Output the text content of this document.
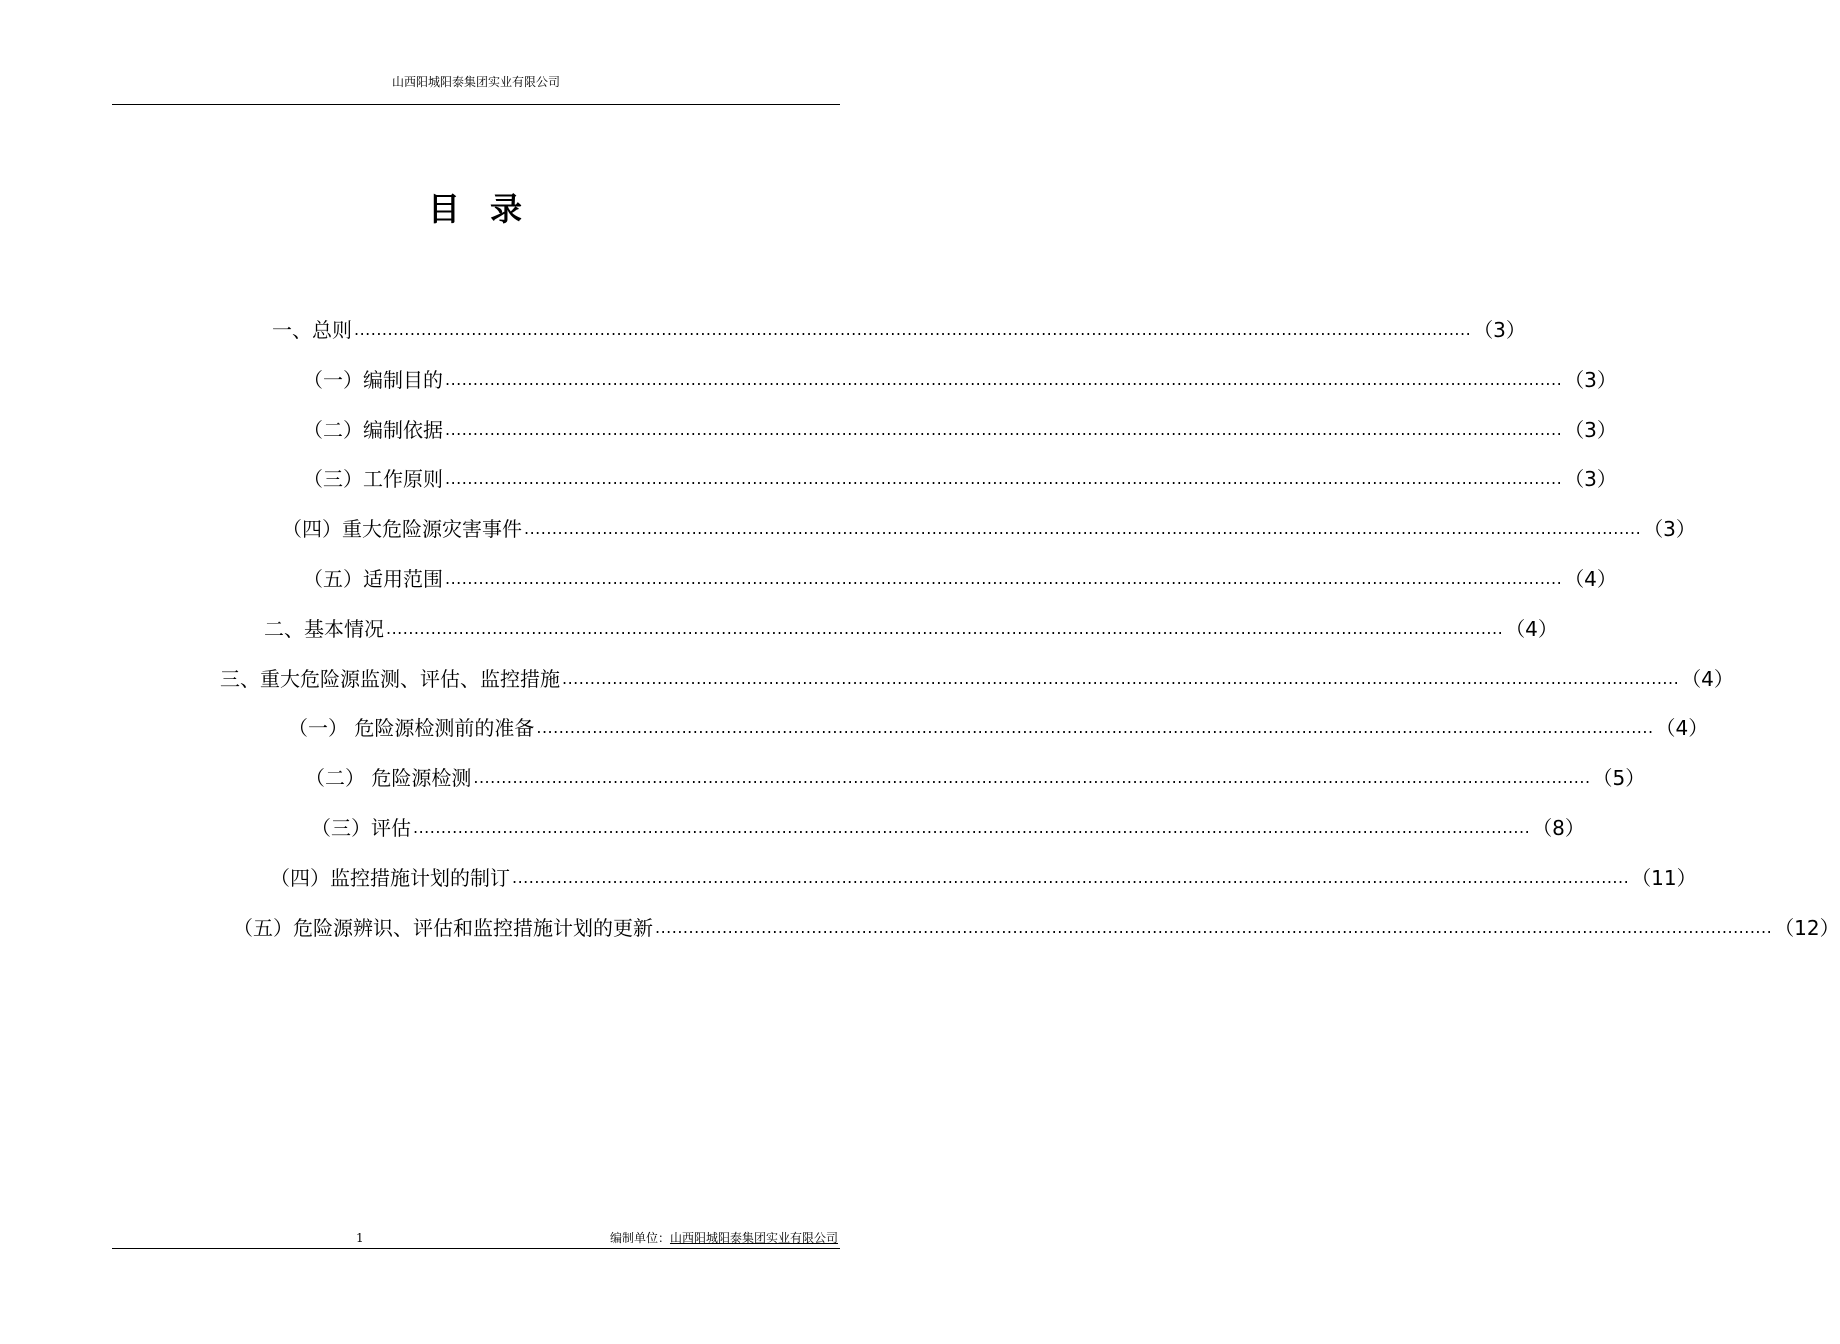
山西阳城阳泰集团实业有限公司
目录
一、总则 ........................................................................................................................................................................................................ （3）
（一）编制目的 ........................................................................................................................................................................................................ （3）
（二）编制依据 ........................................................................................................................................................................................................ （3）
（三）工作原则 ........................................................................................................................................................................................................ （3）
（四）重大危险源灾害事件 ........................................................................................................................................................................................................ （3）
（五）适用范围 ........................................................................................................................................................................................................ （4）
二、基本情况 ........................................................................................................................................................................................................ （4）
三、重大危险源监测、评估、监控措施 ........................................................................................................................................................................................................ （4）
（一） 危险源检测前的准备 ........................................................................................................................................................................................................ （4）
（二） 危险源检测 ........................................................................................................................................................................................................ （5）
（三）评估 ........................................................................................................................................................................................................ （8）
（四）监控措施计划的制订 ........................................................................................................................................................................................................ （11）
（五）危险源辨识、评估和监控措施计划的更新 ........................................................................................................................................................................................................ （12）
1	编制单位：山西阳城阳泰集团实业有限公司
